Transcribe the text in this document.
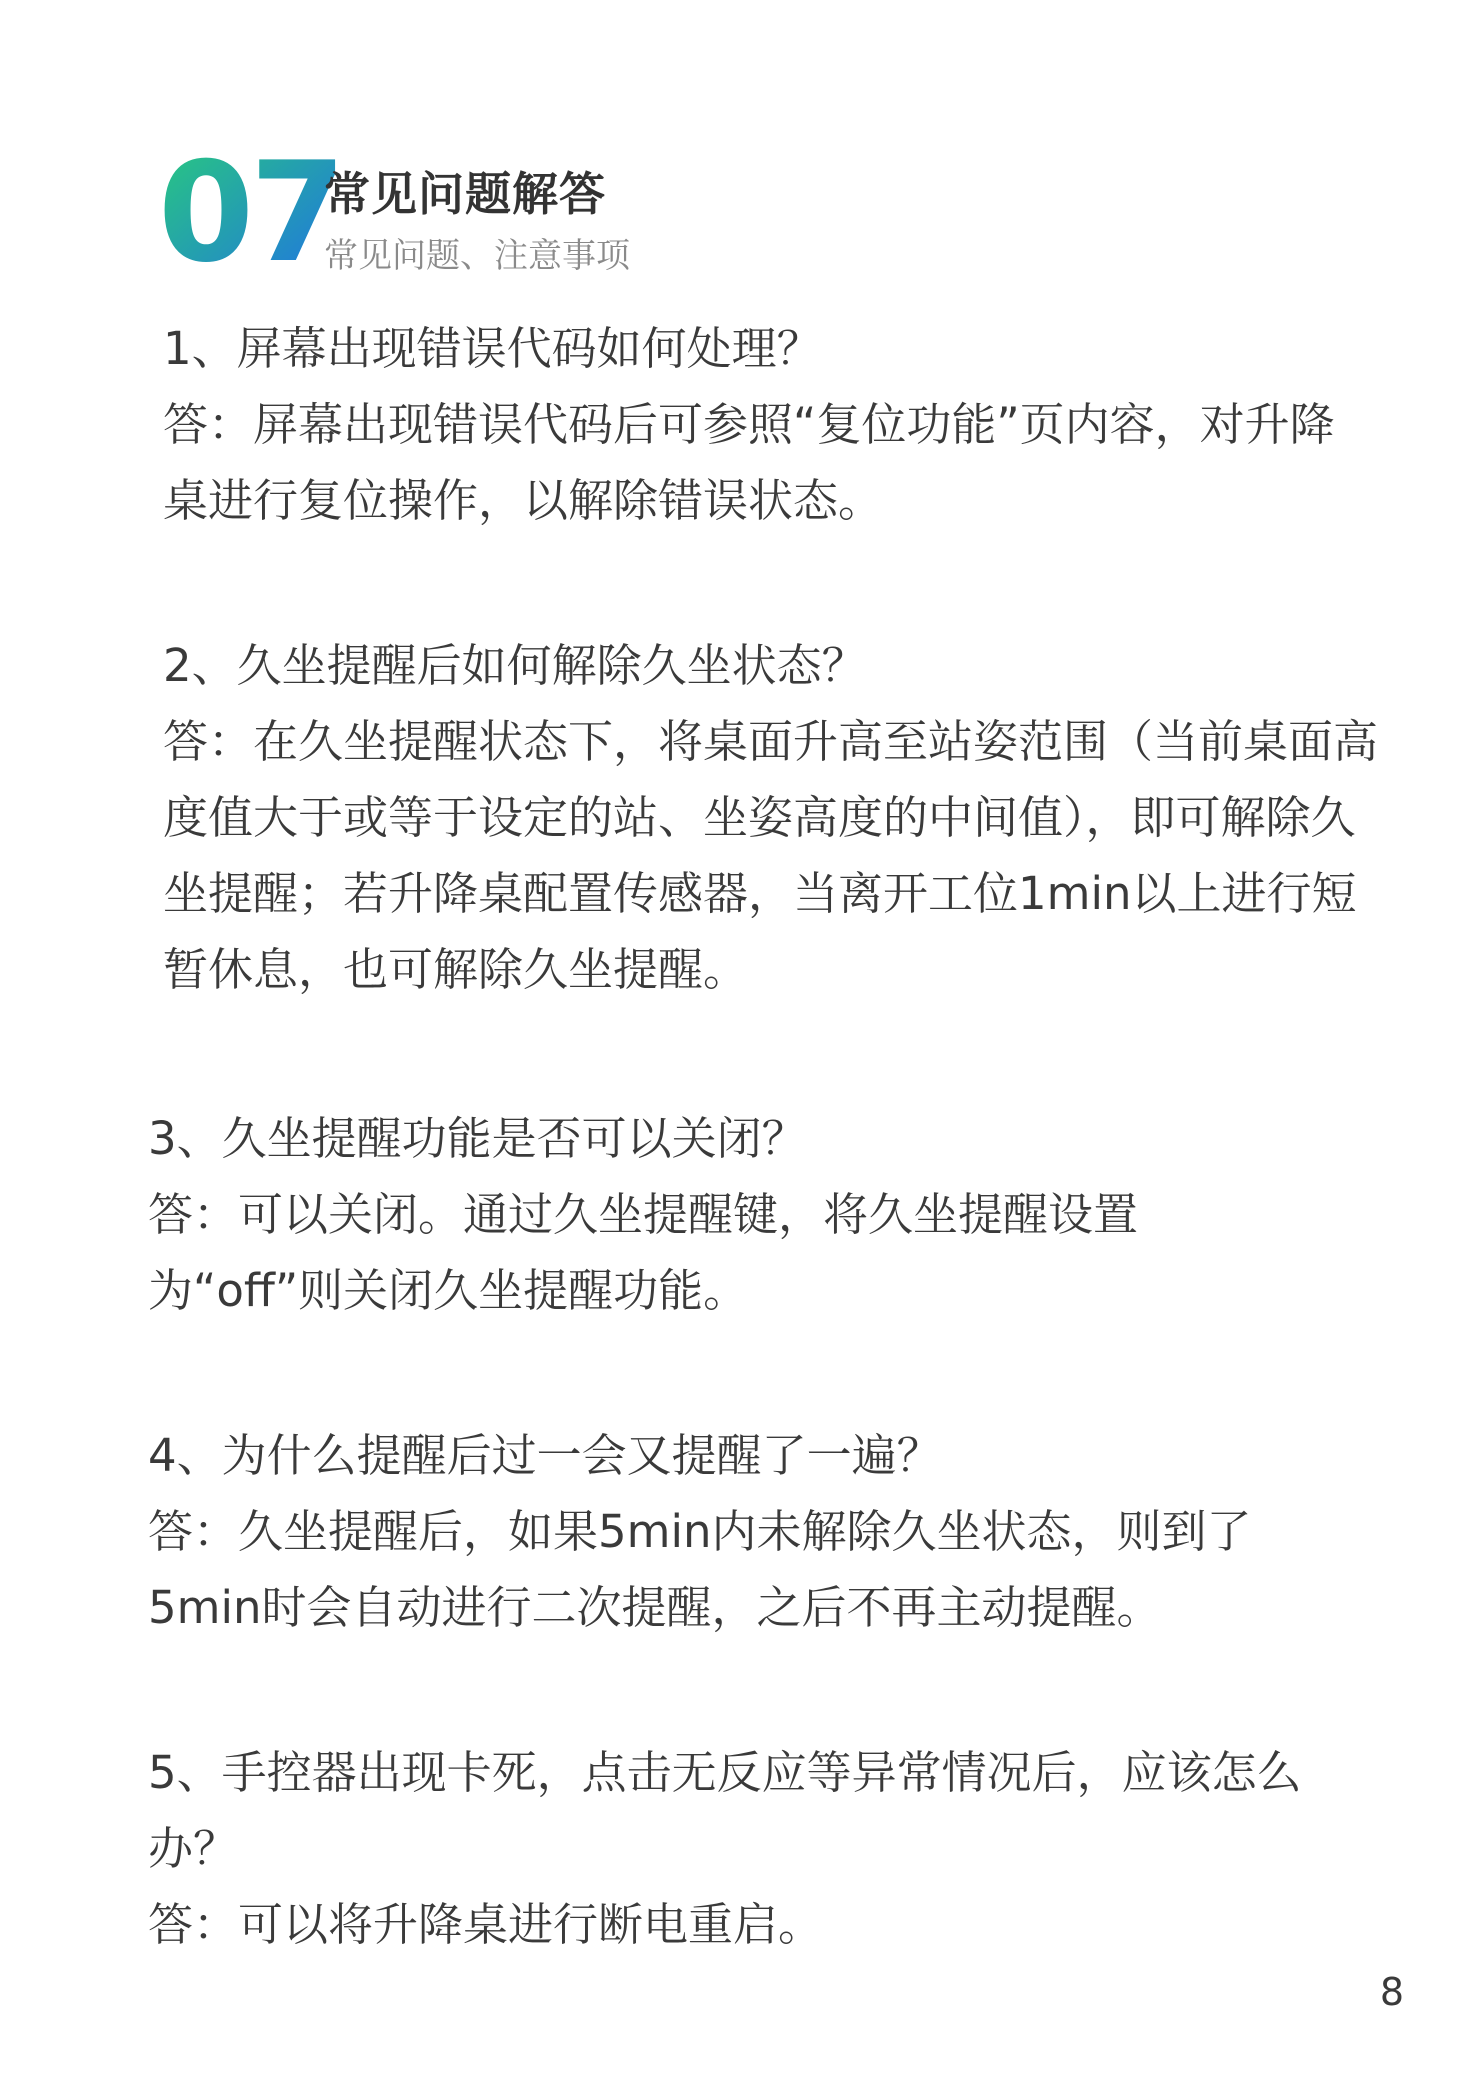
07
常见问题解答
常见问题、注意事项

1、屏幕出现错误代码如何处理？

答：屏幕出现错误代码后可参照“复位功能”页内容，对升降桌进行复位操作，以解除错误状态。

2、久坐提醒后如何解除久坐状态？

答：在久坐提醒状态下，将桌面升高至站姿范围（当前桌面高度值大于或等于设定的站、坐姿高度的中间值），即可解除久坐提醒；若升降桌配置传感器，当离开工位1min以上进行短暂休息，也可解除久坐提醒。

3、久坐提醒功能是否可以关闭？

答：可以关闭。通过久坐提醒键，将久坐提醒设置为“off”则关闭久坐提醒功能。

4、为什么提醒后过一会又提醒了一遍？

答：久坐提醒后，如果5min内未解除久坐状态，则到了5min时会自动进行二次提醒，之后不再主动提醒。

5、手控器出现卡死，点击无反应等异常情况后，应该怎么办？

答：可以将升降桌进行断电重启。

8
